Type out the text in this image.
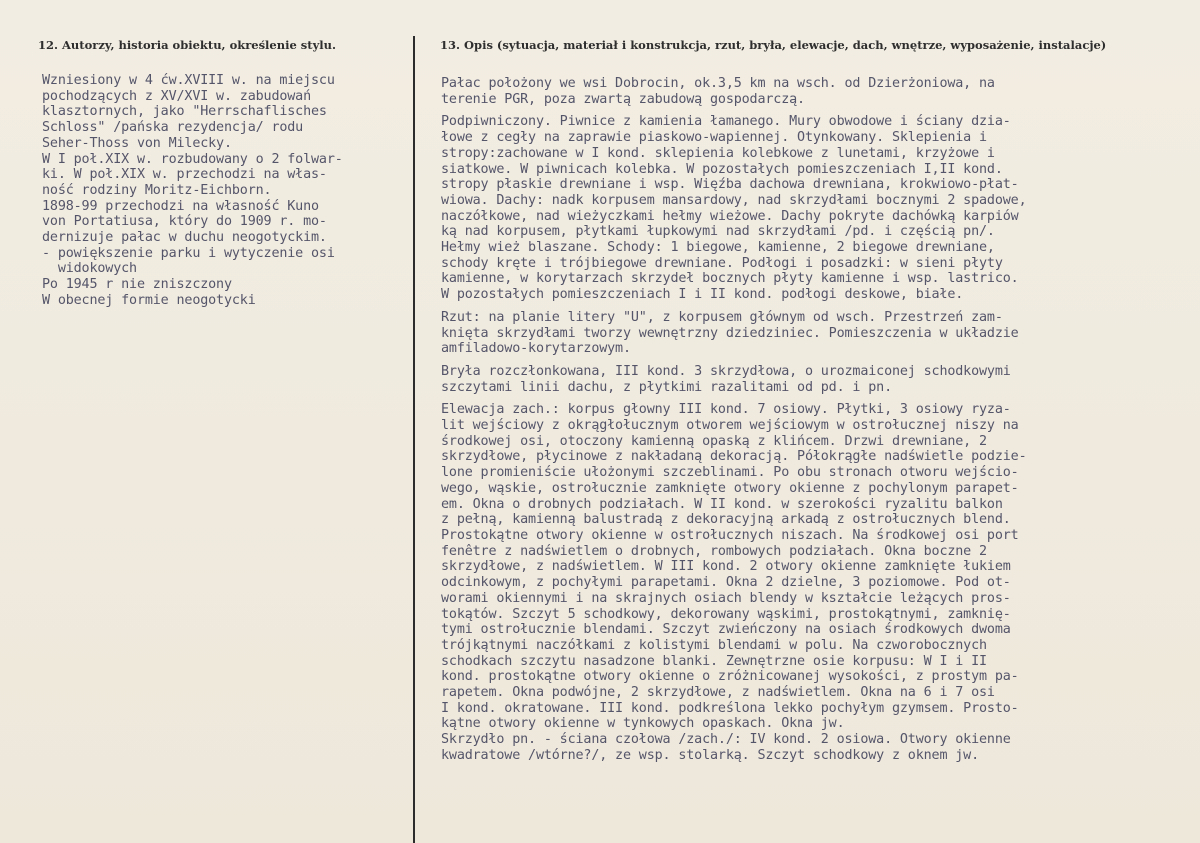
12. Autorzy, historia obiektu, określenie stylu.	13. Opis (sytuacja, materiał i konstrukcja, rzut, bryła, elewacje, dach, wnętrze, wyposażenie, instalacje)
Wzniesiony w 4 ćw.XVIII w. na miejscu
pochodzących z XV/XVI w. zabudowań
klasztornych, jako "Herrschaflisches
Schloss" /pańska rezydencja/ rodu
Seher-Thoss von Milecky.
W I poł.XIX w. rozbudowany o 2 folwar-
ki. W poł.XIX w. przechodzi na włas-
ność rodziny Moritz-Eichborn.
1898-99 przechodzi na własność Kuno
von Portatiusa, który do 1909 r. mo-
dernizuje pałac w duchu neogotyckim.
- powiększenie parku i wytyczenie osi
widokowych
Po 1945 r nie zniszczony
W obecnej formie neogotycki
Pałac położony we wsi Dobrocin, ok.3,5 km na wsch. od Dzierżoniowa, na
terenie PGR, poza zwartą zabudową gospodarczą.
Podpiwniczony. Piwnice z kamienia łamanego. Mury obwodowe i ściany dzia-
łowe z cegły na zaprawie piaskowo-wapiennej. Otynkowany. Sklepienia i
stropy:zachowane w I kond. sklepienia kolebkowe z lunetami, krzyżowe i
siatkowe. W piwnicach kolebka. W pozostałych pomieszczeniach I,II kond.
stropy płaskie drewniane i wsp. Więźba dachowa drewniana, krokwiowo-płat-
wiowa. Dachy: nadk korpusem mansardowy, nad skrzydłami bocznymi 2 spadowe,
naczółkowe, nad wieżyczkami hełmy wieżowe. Dachy pokryte dachówką karpiów
ką nad korpusem, płytkami łupkowymi nad skrzydłami /pd. i częścią pn/.
Hełmy wież blaszane. Schody: 1 biegowe, kamienne, 2 biegowe drewniane,
schody kręte i trójbiegowe drewniane. Podłogi i posadzki: w sieni płyty
kamienne, w korytarzach skrzydeł bocznych płyty kamienne i wsp. lastrico.
W pozostałych pomieszczeniach I i II kond. podłogi deskowe, białe.
Rzut: na planie litery "U", z korpusem głównym od wsch. Przestrzeń zam-
knięta skrzydłami tworzy wewnętrzny dziedziniec. Pomieszczenia w układzie
amfiladowo-korytarzowym.
Bryła rozczłonkowana, III kond. 3 skrzydłowa, o urozmaiconej schodkowymi
szczytami linii dachu, z płytkimi razalitami od pd. i pn.
Elewacja zach.: korpus głowny III kond. 7 osiowy. Płytki, 3 osiowy ryza-
lit wejściowy z okrągłołucznym otworem wejściowym w ostrołucznej niszy na
środkowej osi, otoczony kamienną opaską z klińcem. Drzwi drewniane, 2
skrzydłowe, płycinowe z nakładaną dekoracją. Półokrągłe nadświetle podzie-
lone promieniście ułożonymi szczeblinami. Po obu stronach otworu wejścio-
wego, wąskie, ostrołucznie zamknięte otwory okienne z pochylonym parapet-
em. Okna o drobnych podziałach. W II kond. w szerokości ryzalitu balkon
z pełną, kamienną balustradą z dekoracyjną arkadą z ostrołucznych blend.
Prostokątne otwory okienne w ostrołucznych niszach. Na środkowej osi port
fenêtre z nadświetlem o drobnych, rombowych podziałach. Okna boczne 2
skrzydłowe, z nadświetlem. W III kond. 2 otwory okienne zamknięte łukiem
odcinkowym, z pochyłymi parapetami. Okna 2 dzielne, 3 poziomowe. Pod ot-
worami okiennymi i na skrajnych osiach blendy w kształcie leżących pros-
tokątów. Szczyt 5 schodkowy, dekorowany wąskimi, prostokątnymi, zamknię-
tymi ostrołucznie blendami. Szczyt zwieńczony na osiach środkowych dwoma
trójkątnymi naczółkami z kolistymi blendami w polu. Na czworobocznych
schodkach szczytu nasadzone blanki. Zewnętrzne osie korpusu: W I i II
kond. prostokątne otwory okienne o zróżnicowanej wysokości, z prostym pa-
rapetem. Okna podwójne, 2 skrzydłowe, z nadświetlem. Okna na 6 i 7 osi
I kond. okratowane. III kond. podkreślona lekko pochyłym gzymsem. Prosto-
kątne otwory okienne w tynkowych opaskach. Okna jw.
Skrzydło pn. - ściana czołowa /zach./: IV kond. 2 osiowa. Otwory okienne
kwadratowe /wtórne?/, ze wsp. stolarką. Szczyt schodkowy z oknem jw.
